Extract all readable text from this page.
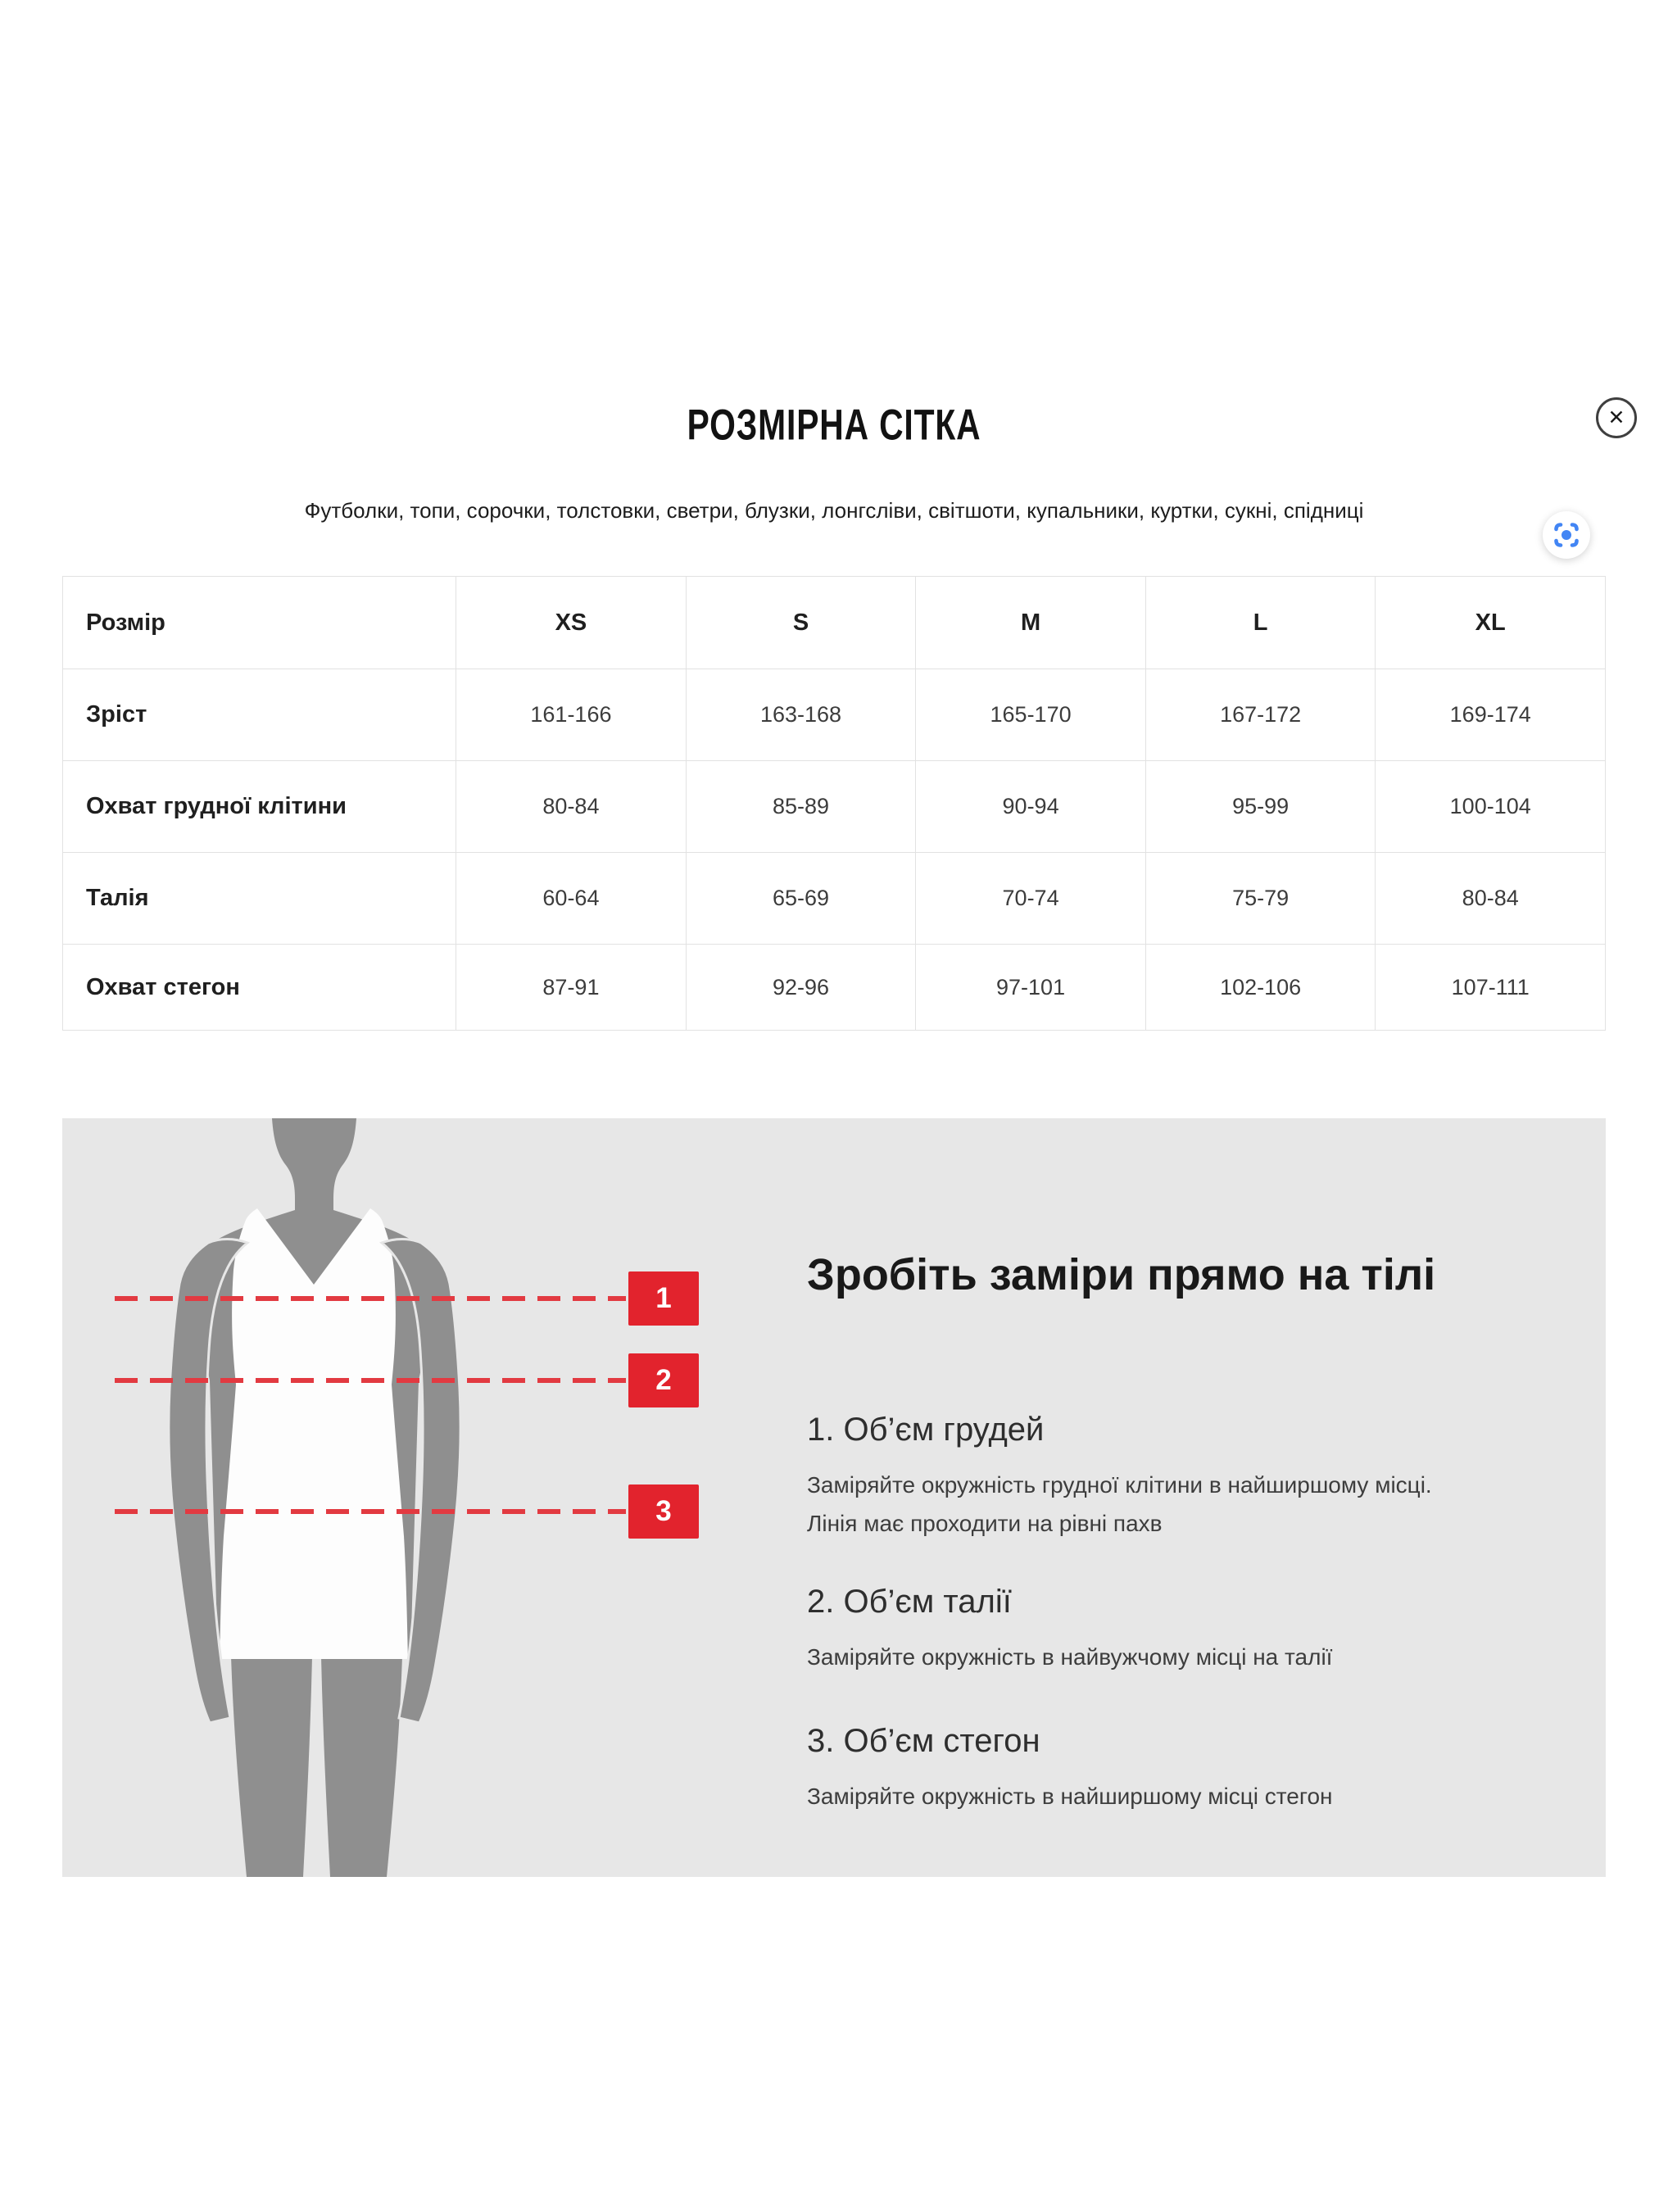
РОЗМІРНА СІТКА
Футболки, топи, сорочки, толстовки, светри, блузки, лонгсліви, світшоти, купальники, куртки, сукні, спідниці
✕
Розмір	XS	S	M	L	XL
Зріст	161-166	163-168	165-170	167-172	169-174
Охват грудної клітини	80-84	85-89	90-94	95-99	100-104
Талія	60-64	65-69	70-74	75-79	80-84
Охват стегон	87-91	92-96	97-101	102-106	107-111
1
2
3
Зробіть заміри прямо на тілі
1. Об’єм грудей
Заміряйте окружність грудної клітини в найширшому місці.
Лінія має проходити на рівні пахв
2. Об’єм талії
Заміряйте окружність в найвужчому місці на талії
3. Об’єм стегон
Заміряйте окружність в найширшому місці стегон
